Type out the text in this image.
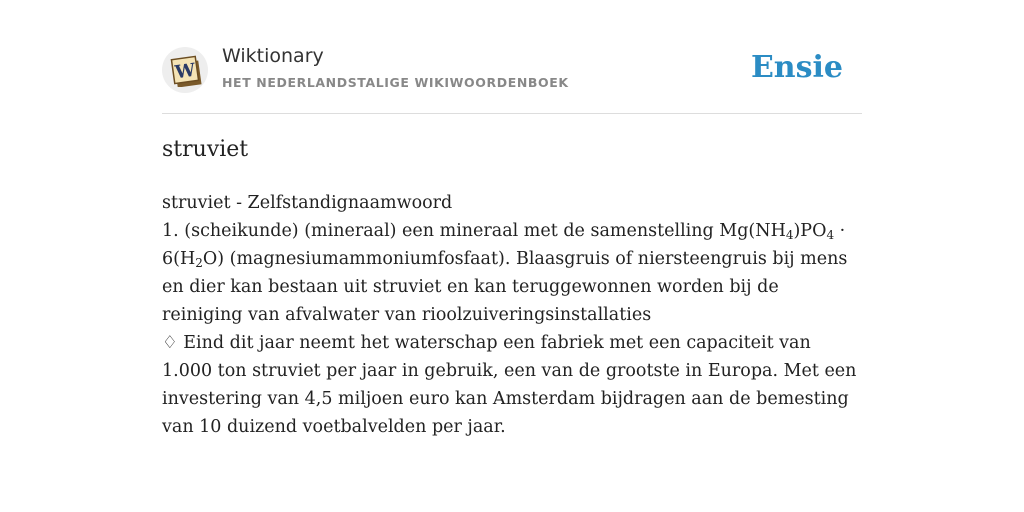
W
Wiktionary
HET NEDERLANDSTALIGE WIKIWOORDENBOEK	Ensie
struviet

struviet - Zelfstandignaamwoord

1. (scheikunde) (mineraal) een mineraal met de samenstelling $Mg(NH_4)PO_4 \cdot 6(H_2O)$ (magnesiumammoniumfosfaat). Blaasgruis of niersteengruis bij mens en dier kan bestaan uit struviet en kan teruggewonnen worden bij de reiniging van afvalwater van rioolzuiveringsinstallaties

♢ Eind dit jaar neemt het waterschap een fabriek met een capaciteit van 1.000 ton struviet per jaar in gebruik, een van de grootste in Europa. Met een investering van 4,5 miljoen euro kan Amsterdam bijdragen aan de bemesting van 10 duizend voetbalvelden per jaar.
